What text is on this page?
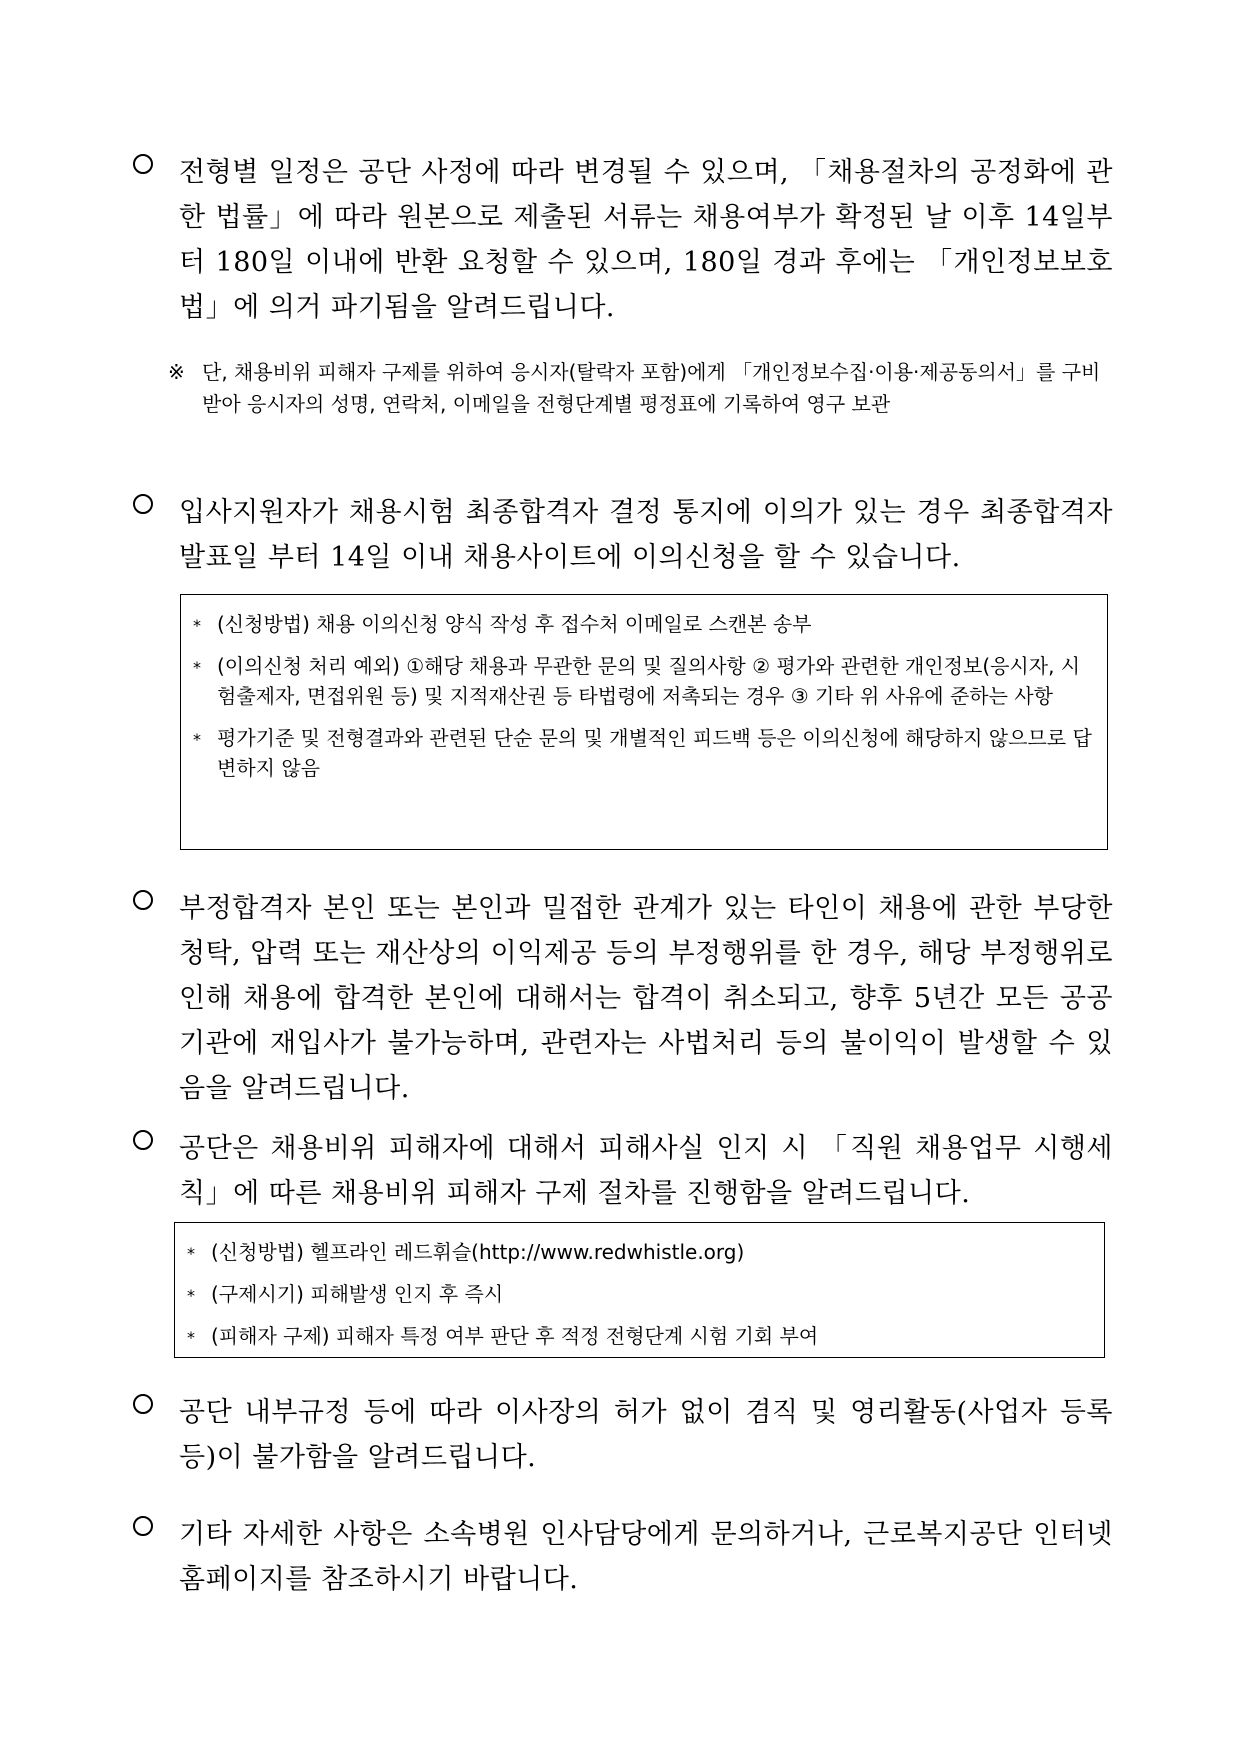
전형별 일정은 공단 사정에 따라 변경될 수 있으며, 「채용절차의 공정화에 관한 법률」에 따라 원본으로 제출된 서류는 채용여부가 확정된 날 이후 14일부터 180일 이내에 반환 요청할 수 있으며, 180일 경과 후에는 「개인정보보호법」에 의거 파기됨을 알려드립니다.
※ 단, 채용비위 피해자 구제를 위하여 응시자(탈락자 포함)에게 「개인정보수집·이용·제공동의서」를 구비받아 응시자의 성명, 연락처, 이메일을 전형단계별 평정표에 기록하여 영구 보관
입사지원자가 채용시험 최종합격자 결정 통지에 이의가 있는 경우 최종합격자 발표일 부터 14일 이내 채용사이트에 이의신청을 할 수 있습니다.
* (신청방법) 채용 이의신청 양식 작성 후 접수처 이메일로 스캔본 송부
* (이의신청 처리 예외) ①해당 채용과 무관한 문의 및 질의사항 ② 평가와 관련한 개인정보(응시자, 시험출제자, 면접위원 등) 및 지적재산권 등 타법령에 저촉되는 경우 ③ 기타 위 사유에 준하는 사항
* 평가기준 및 전형결과와 관련된 단순 문의 및 개별적인 피드백 등은 이의신청에 해당하지 않으므로 답변하지 않음
부정합격자 본인 또는 본인과 밀접한 관계가 있는 타인이 채용에 관한 부당한 청탁, 압력 또는 재산상의 이익제공 등의 부정행위를 한 경우, 해당 부정행위로 인해 채용에 합격한 본인에 대해서는 합격이 취소되고, 향후 5년간 모든 공공기관에 재입사가 불가능하며, 관련자는 사법처리 등의 불이익이 발생할 수 있음을 알려드립니다.
공단은 채용비위 피해자에 대해서 피해사실 인지 시 「직원 채용업무 시행세칙」에 따른 채용비위 피해자 구제 절차를 진행함을 알려드립니다.
* (신청방법) 헬프라인 레드휘슬(http://www.redwhistle.org)
* (구제시기) 피해발생 인지 후 즉시
* (피해자 구제) 피해자 특정 여부 판단 후 적정 전형단계 시험 기회 부여
공단 내부규정 등에 따라 이사장의 허가 없이 겸직 및 영리활동(사업자 등록 등)이 불가함을 알려드립니다.
기타 자세한 사항은 소속병원 인사담당에게 문의하거나, 근로복지공단 인터넷 홈페이지를 참조하시기 바랍니다.
